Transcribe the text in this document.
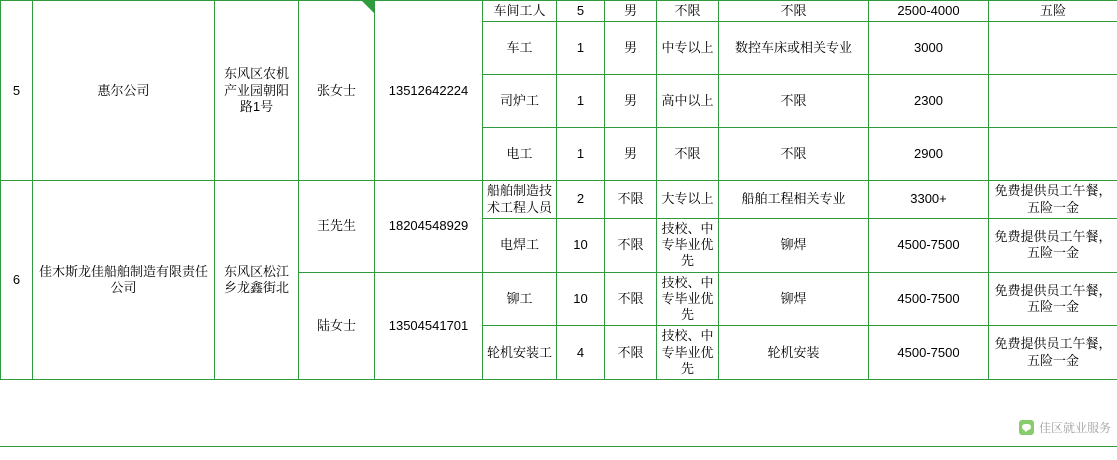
5	惠尔公司	东风区农机产业园朝阳路1号	张女士	13512642224	车间工人	5	男	不限	不限	2500-4000	五险
					车工	1	男	中专以上	数控车床或相关专业	3000	
					司炉工	1	男	高中以上	不限	2300	
					电工	1	男	不限	不限	2900	
6	佳木斯龙佳船舶制造有限责任公司	东风区松江乡龙鑫街北	王先生	18204548929	船舶制造技术工程人员	2	不限	大专以上	船舶工程相关专业	3300+	免费提供员工午餐，五险一金
					电焊工	10	不限	技校、中专毕业优先	铆焊	4500-7500	免费提供员工午餐，五险一金
			陆女士	13504541701	铆工	10	不限	技校、中专毕业优先	铆焊	4500-7500	免费提供员工午餐，五险一金
					轮机安装工	4	不限	技校、中专毕业优先	轮机安装	4500-7500	免费提供员工午餐，五险一金
佳区就业服务
